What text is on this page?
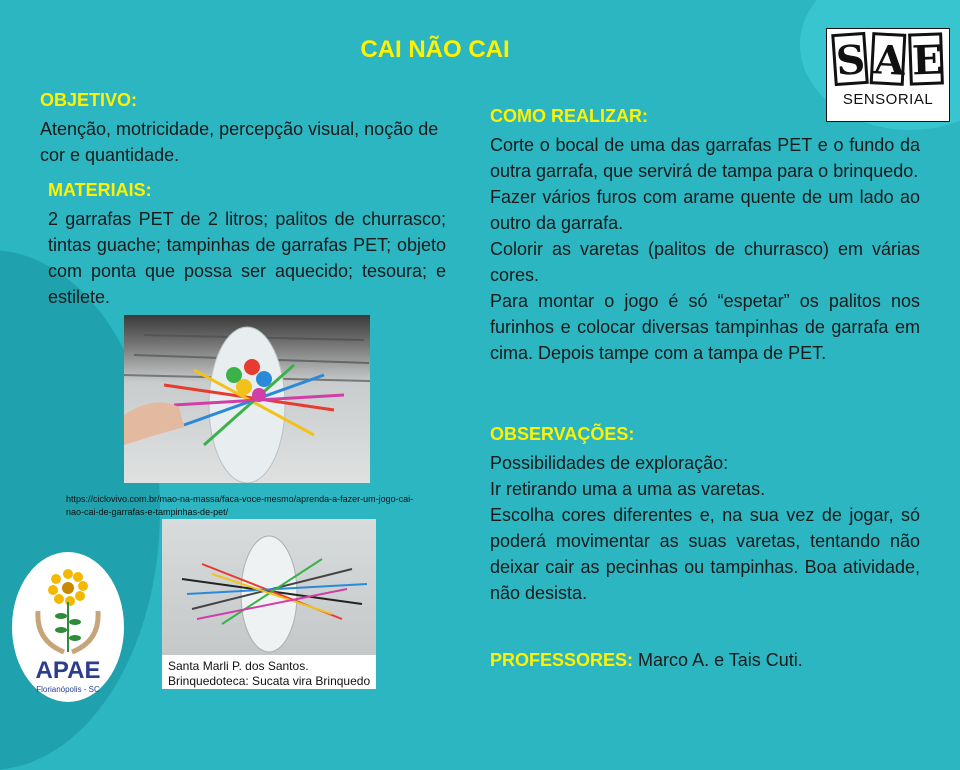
CAI NÃO CAI
OBJETIVO:
Atenção, motricidade, percepção visual, noção de cor e quantidade.
MATERIAIS:
2 garrafas PET de 2 litros; palitos de churrasco; tintas guache; tampinhas de garrafas PET; objeto com ponta que possa ser aquecido; tesoura; e estilete.
https://ciclovivo.com.br/mao-na-massa/faca-voce-mesmo/aprenda-a-fazer-um-jogo-cai-nao-cai-de-garrafas-e-tampinhas-de-pet/
Santa Marli P. dos Santos.
Brinquedoteca: Sucata vira Brinquedo
COMO REALIZAR:
Corte o bocal de uma das garrafas PET e o fundo da outra garrafa, que servirá de tampa para o brinquedo.
Fazer vários furos com arame quente de um lado ao outro da garrafa.
Colorir as varetas (palitos de churrasco) em várias cores.
Para montar o jogo é só “espetar” os palitos nos furinhos e colocar diversas tampinhas de garrafa em cima. Depois tampe com a tampa de PET.
OBSERVAÇÕES:
Possibilidades de exploração:
Ir retirando uma a uma as varetas.
Escolha cores diferentes e, na sua vez de jogar, só poderá movimentar as suas varetas, tentando não deixar cair as pecinhas ou tampinhas. Boa atividade, não desista.
PROFESSORES: Marco A. e Tais Cuti.
S A E
SENSORIAL
APAE
Florianópolis - SC
